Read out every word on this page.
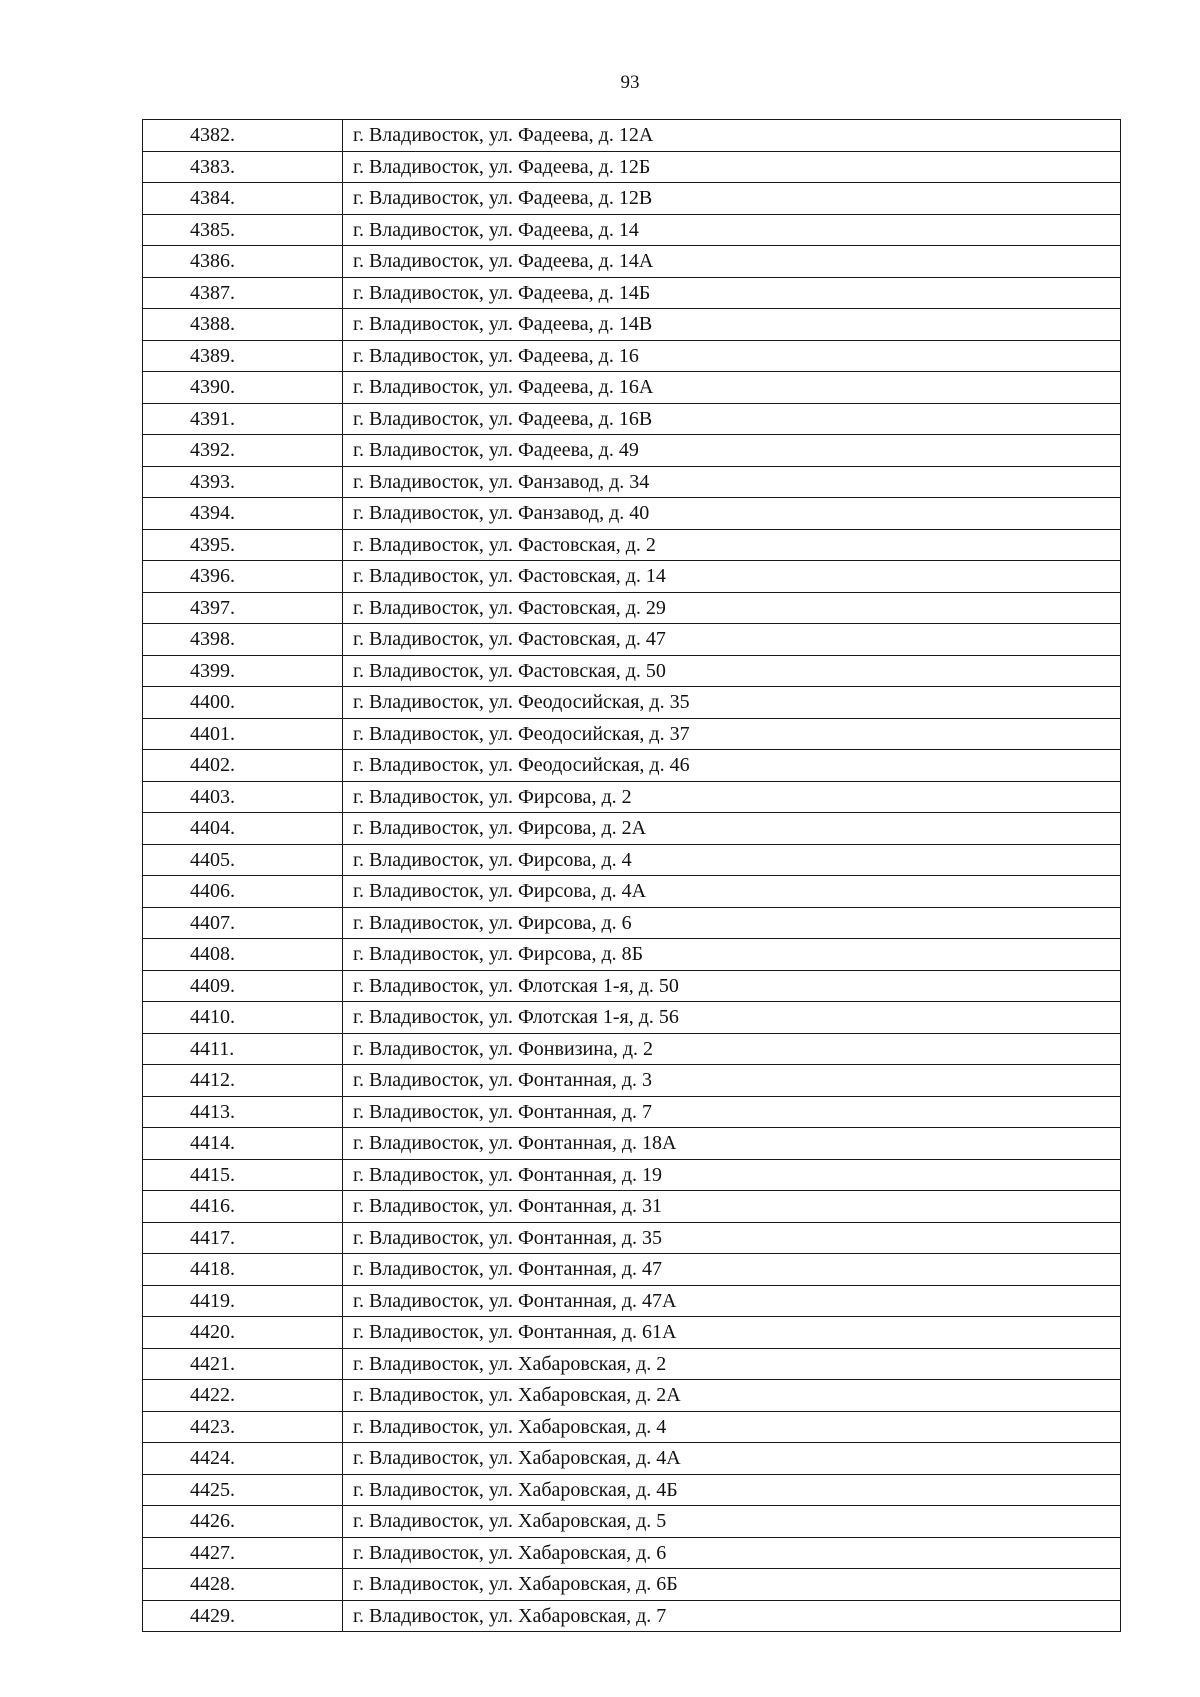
93
4382.	г. Владивосток, ул. Фадеева, д. 12А
4383.	г. Владивосток, ул. Фадеева, д. 12Б
4384.	г. Владивосток, ул. Фадеева, д. 12В
4385.	г. Владивосток, ул. Фадеева, д. 14
4386.	г. Владивосток, ул. Фадеева, д. 14А
4387.	г. Владивосток, ул. Фадеева, д. 14Б
4388.	г. Владивосток, ул. Фадеева, д. 14В
4389.	г. Владивосток, ул. Фадеева, д. 16
4390.	г. Владивосток, ул. Фадеева, д. 16А
4391.	г. Владивосток, ул. Фадеева, д. 16В
4392.	г. Владивосток, ул. Фадеева, д. 49
4393.	г. Владивосток, ул. Фанзавод, д. 34
4394.	г. Владивосток, ул. Фанзавод, д. 40
4395.	г. Владивосток, ул. Фастовская, д. 2
4396.	г. Владивосток, ул. Фастовская, д. 14
4397.	г. Владивосток, ул. Фастовская, д. 29
4398.	г. Владивосток, ул. Фастовская, д. 47
4399.	г. Владивосток, ул. Фастовская, д. 50
4400.	г. Владивосток, ул. Феодосийская, д. 35
4401.	г. Владивосток, ул. Феодосийская, д. 37
4402.	г. Владивосток, ул. Феодосийская, д. 46
4403.	г. Владивосток, ул. Фирсова, д. 2
4404.	г. Владивосток, ул. Фирсова, д. 2А
4405.	г. Владивосток, ул. Фирсова, д. 4
4406.	г. Владивосток, ул. Фирсова, д. 4А
4407.	г. Владивосток, ул. Фирсова, д. 6
4408.	г. Владивосток, ул. Фирсова, д. 8Б
4409.	г. Владивосток, ул. Флотская 1-я, д. 50
4410.	г. Владивосток, ул. Флотская 1-я, д. 56
4411.	г. Владивосток, ул. Фонвизина, д. 2
4412.	г. Владивосток, ул. Фонтанная, д. 3
4413.	г. Владивосток, ул. Фонтанная, д. 7
4414.	г. Владивосток, ул. Фонтанная, д. 18А
4415.	г. Владивосток, ул. Фонтанная, д. 19
4416.	г. Владивосток, ул. Фонтанная, д. 31
4417.	г. Владивосток, ул. Фонтанная, д. 35
4418.	г. Владивосток, ул. Фонтанная, д. 47
4419.	г. Владивосток, ул. Фонтанная, д. 47А
4420.	г. Владивосток, ул. Фонтанная, д. 61А
4421.	г. Владивосток, ул. Хабаровская, д. 2
4422.	г. Владивосток, ул. Хабаровская, д. 2А
4423.	г. Владивосток, ул. Хабаровская, д. 4
4424.	г. Владивосток, ул. Хабаровская, д. 4А
4425.	г. Владивосток, ул. Хабаровская, д. 4Б
4426.	г. Владивосток, ул. Хабаровская, д. 5
4427.	г. Владивосток, ул. Хабаровская, д. 6
4428.	г. Владивосток, ул. Хабаровская, д. 6Б
4429.	г. Владивосток, ул. Хабаровская, д. 7
